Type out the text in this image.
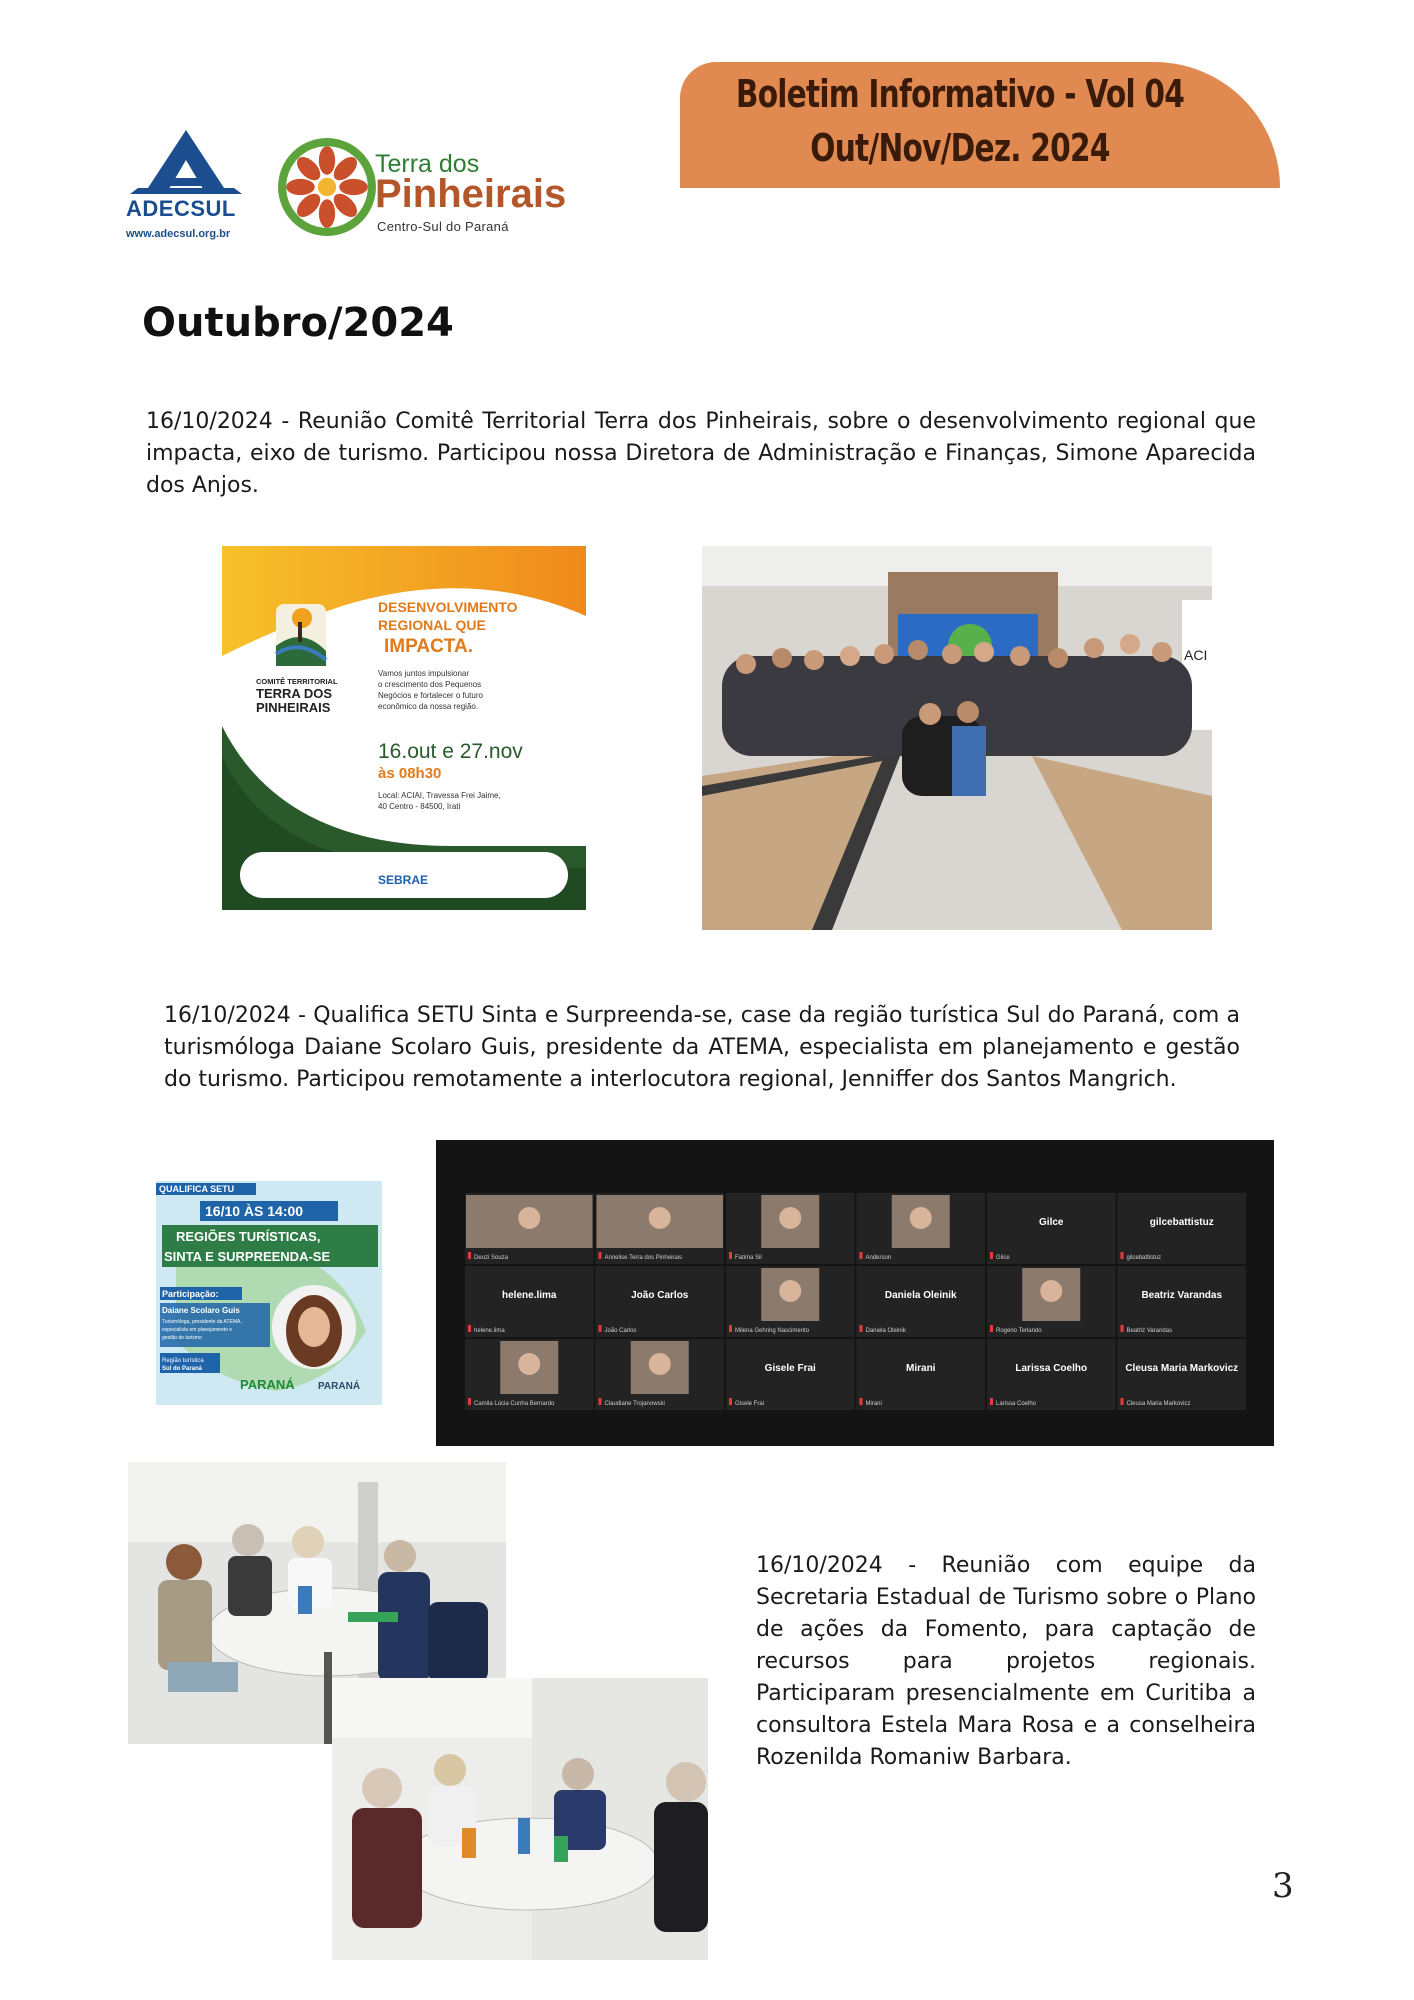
Boletim Informativo - Vol 04
Out/Nov/Dez. 2024
ADECSUL
www.adecsul.org.br
Terra dos
Pinheirais
Centro-Sul do Paraná
Outubro/2024
16/10/2024 - Reunião Comitê Territorial Terra dos Pinheirais, sobre o desenvolvimento regional que impacta, eixo de turismo. Participou nossa Diretora de Administração e Finanças, Simone Aparecida dos Anjos.
COMITÊ TERRITORIAL
TERRA DOS
PINHEIRAIS
DESENVOLVIMENTO
REGIONAL QUE
IMPACTA.
Vamos juntos impulsionar
o crescimento dos Pequenos
Negócios e fortalecer o futuro
econômico da nossa região.
16.out e 27.nov
às 08h30
Local: ACIAI, Travessa Frei Jaime,
40 Centro - 84500, Irati
SEBRAE
ACI
16/10/2024 - Qualifica SETU Sinta e Surpreenda-se, case da região turística Sul do Paraná, com a turismóloga Daiane Scolaro Guis, presidente da ATEMA, especialista em planejamento e gestão do turismo. Participou remotamente a interlocutora regional, Jenniffer dos Santos Mangrich.
QUALIFICA SETU
16/10 ÀS 14:00
REGIÕES TURÍSTICAS,
SINTA E SURPREENDA-SE
Participação:
Daiane Scolaro Guis
Turismóloga, presidente da ATEMA,
especialista em planejamento e
gestão do turismo
Região turística
Sul do Paraná
PARANÁ PARANÁ
Deuzi Souza	Annelise Terra dos Pinheirais	Fatima Sil	Anderson
Gilce
Gilce
gilcebattistuz
gilcebattistuz
helene.lima
helene.lima
João Carlos
João Carlos	Milena Gehring Nascimento
Daniela Oleinik
Daniela Oleinik	Rogerio Terlando
Beatriz Varandas
Beatriz Varandas
Camila Lúcia Cunha Bernardo	Claudiane Trojanowski
Gisele Frai
Gisele Frai
Mirani
Mirani
Larissa Coelho
Larissa Coelho
Cleusa Maria Markovicz
Cleusa Maria Markovicz
16/10/2024 - Reunião com equipe da Secretaria Estadual de Turismo sobre o Plano de ações da Fomento, para captação de recursos para projetos regionais. Participaram presencialmente em Curitiba a consultora Estela Mara Rosa e a conselheira Rozenilda Romaniw Barbara.
3
